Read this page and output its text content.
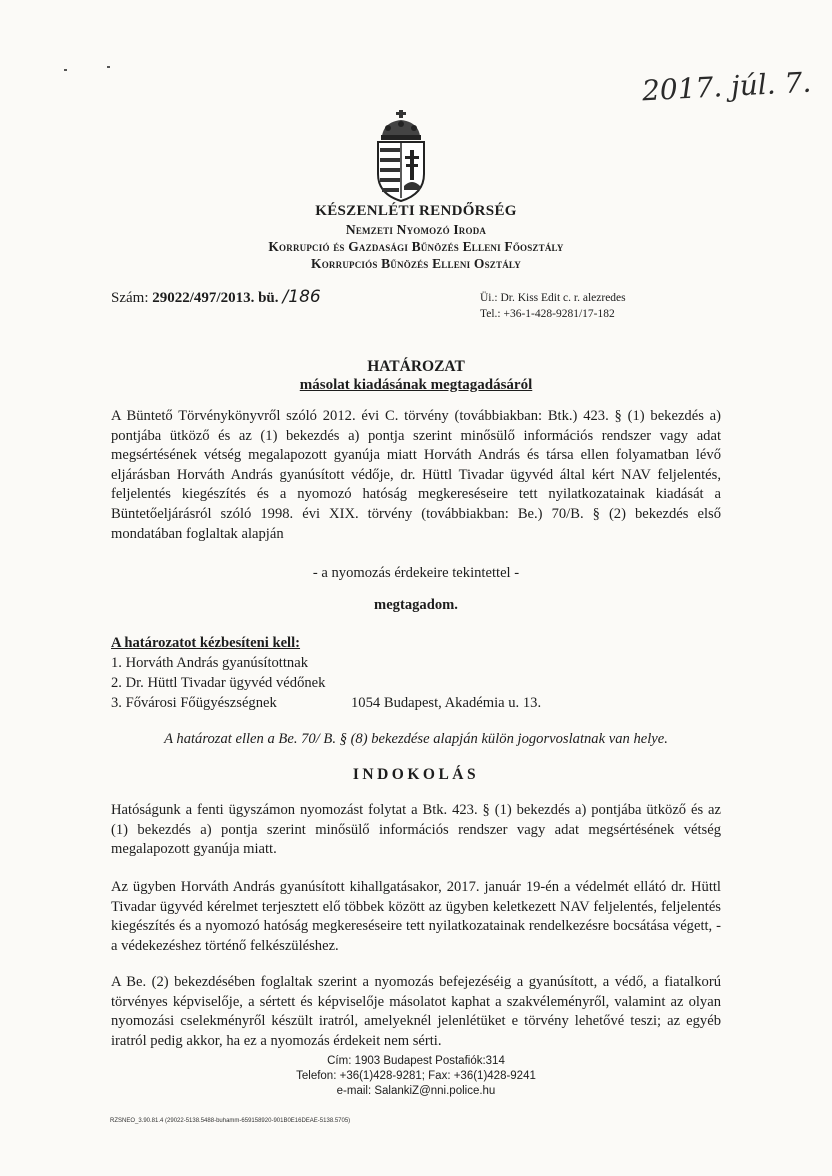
2017. júl. 7.
KÉSZENLÉTI RENDŐRSÉG
Nemzeti Nyomozó Iroda
Korrupció és Gazdasági Bűnözés Elleni Főosztály
Korrupciós Bűnözés Elleni Osztály
Szám: 29022/497/2013. bü. /186	Üi.: Dr. Kiss Edit c. r. alezredes
Tel.: +36-1-428-9281/17-182
HATÁROZAT
másolat kiadásának megtagadásáról
A Büntető Törvénykönyvről szóló 2012. évi C. törvény (továbbiakban: Btk.) 423. § (1) bekezdés a) pontjába ütköző és az (1) bekezdés a) pontja szerint minősülő információs rendszer vagy adat megsértésének vétség megalapozott gyanúja miatt Horváth András és társa ellen folyamatban lévő eljárásban Horváth András gyanúsított védője, dr. Hüttl Tivadar ügyvéd által kért NAV feljelentés, feljelentés kiegészítés és a nyomozó hatóság megkereséseire tett nyilatkozatainak kiadását a Büntetőeljárásról szóló 1998. évi XIX. törvény (továbbiakban: Be.) 70/B. § (2) bekezdés első mondatában foglaltak alapján
- a nyomozás érdekeire tekintettel -
megtagadom.
A határozatot kézbesíteni kell:
1. Horváth András gyanúsítottnak
2. Dr. Hüttl Tivadar ügyvéd védőnek
3. Fővárosi Főügyészségnek	1054 Budapest, Akadémia u. 13.
A határozat ellen a Be. 70/ B. § (8) bekezdése alapján külön jogorvoslatnak van helye.
INDOKOLÁS
Hatóságunk a fenti ügyszámon nyomozást folytat a Btk. 423. § (1) bekezdés a) pontjába ütköző és az (1) bekezdés a) pontja szerint minősülő információs rendszer vagy adat megsértésének vétség megalapozott gyanúja miatt.
Az ügyben Horváth András gyanúsított kihallgatásakor, 2017. január 19-én a védelmét ellátó dr. Hüttl Tivadar ügyvéd kérelmet terjesztett elő többek között az ügyben keletkezett NAV feljelentés, feljelentés kiegészítés és a nyomozó hatóság megkereséseire tett nyilatkozatainak rendelkezésre bocsátása végett, - a védekezéshez történő felkészüléshez.
A Be. (2) bekezdésében foglaltak szerint a nyomozás befejezéséig a gyanúsított, a védő, a fiatalkorú törvényes képviselője, a sértett és képviselője másolatot kaphat a szakvéleményről, valamint az olyan nyomozási cselekményről készült iratról, amelyeknél jelenlétüket e törvény lehetővé teszi; az egyéb iratról pedig akkor, ha ez a nyomozás érdekeit nem sérti.
Cím: 1903 Budapest Postafiók:314
Telefon: +36(1)428-9281; Fax: +36(1)428-9241
e-mail: SalankiZ@nni.police.hu
RZSNEO_3.90.81.4 (29022-5138.5488-buhamm-659158920-901B0E16DEAE-5138.5705)
